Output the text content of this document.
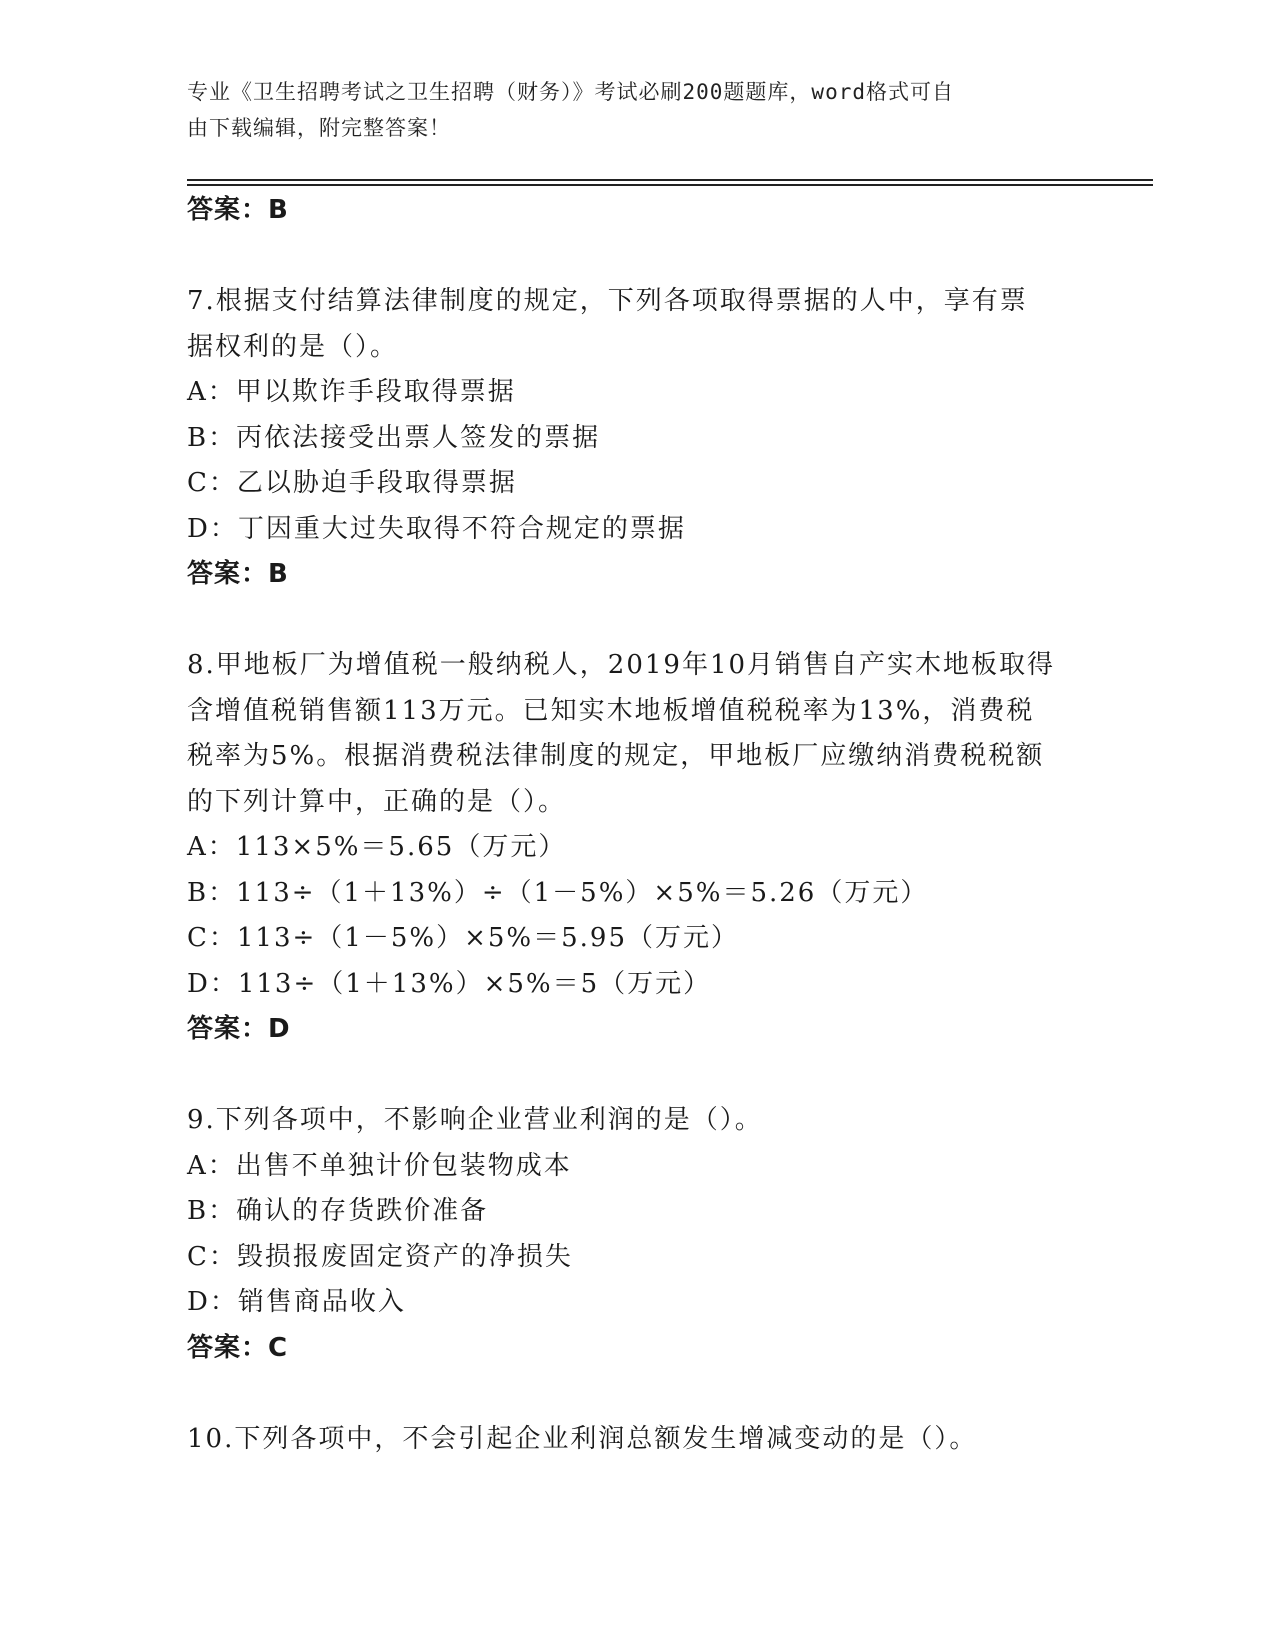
专业《卫生招聘考试之卫生招聘（财务）》考试必刷200题题库，word格式可自
由下载编辑，附完整答案！
答案：B
7.根据支付结算法律制度的规定，下列各项取得票据的人中，享有票
据权利的是（）。
A：甲以欺诈手段取得票据
B：丙依法接受出票人签发的票据
C：乙以胁迫手段取得票据
D：丁因重大过失取得不符合规定的票据
答案：B
8.甲地板厂为增值税一般纳税人，2019年10月销售自产实木地板取得
含增值税销售额113万元。已知实木地板增值税税率为13%，消费税
税率为5%。根据消费税法律制度的规定，甲地板厂应缴纳消费税税额
的下列计算中，正确的是（）。
A：113×5%＝5.65（万元）
B：113÷（1＋13%）÷（1－5%）×5%＝5.26（万元）
C：113÷（1－5%）×5%＝5.95（万元）
D：113÷（1＋13%）×5%＝5（万元）
答案：D
9.下列各项中，不影响企业营业利润的是（）。
A：出售不单独计价包装物成本
B：确认的存货跌价准备
C：毁损报废固定资产的净损失
D：销售商品收入
答案：C
10.下列各项中，不会引起企业利润总额发生增减变动的是（）。
